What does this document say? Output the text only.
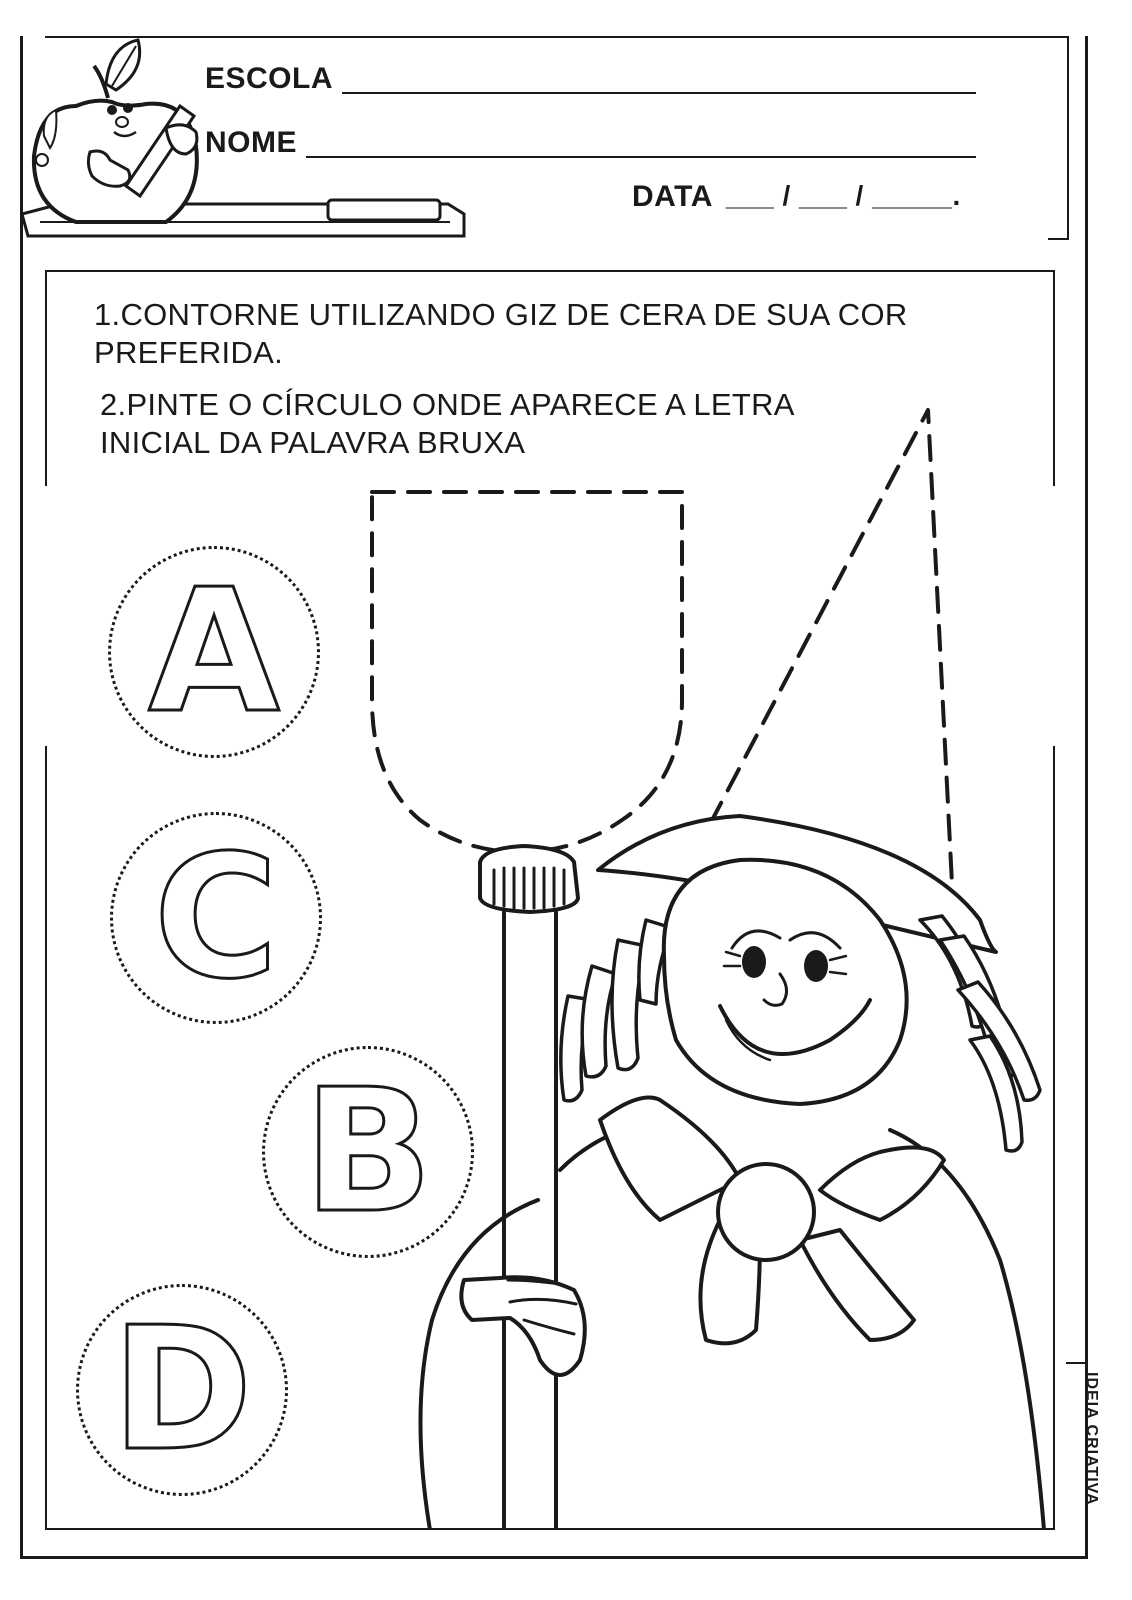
ESCOLA
NOME
DATA ___ / ___ / _____.
1.CONTORNE UTILIZANDO GIZ DE CERA DE SUA COR
PREFERIDA.
2.PINTE O CÍRCULO ONDE APARECE A LETRA
INICIAL DA PALAVRA BRUXA
A
C
B
D	IDEIA CRIATIVA
